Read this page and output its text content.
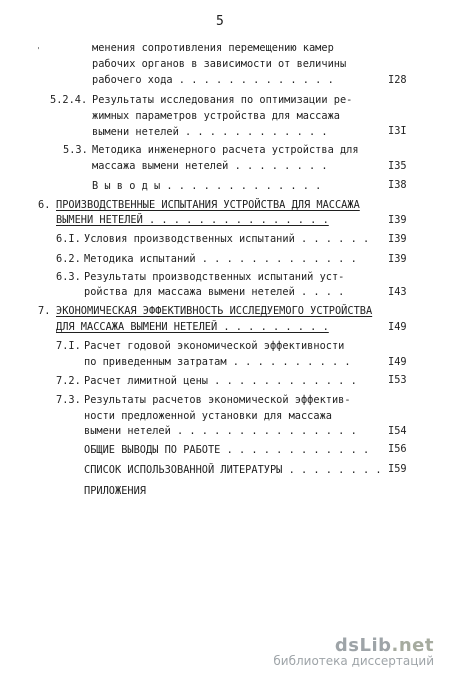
5
'	менения сопротивления перемещению камер
рабочих органов в зависимости от величины
рабочего хода . . . . . . . . . . . . .	I28
5.2.4. Результаты исследования по оптимизации ре-
жимных параметров устройства для массажа
вымени нетелей . . . . . . . . . . . .	I3I
5.3. Методика инженерного расчета устройства для
массажа вымени нетелей . . . . . . . .	I35
В ы в о д ы . . . . . . . . . . . . .	I38
6. ПРОИЗВОДСТВЕННЫЕ ИСПЫТАНИЯ УСТРОЙСТВА ДЛЯ МАССАЖА
ВЫМЕНИ НЕТЕЛЕЙ . . . . . . . . . . . . . . .	I39
6.I. Условия производственных испытаний . . . . . . I39
6.2. Методика испытаний . . . . . . . . . . . . .	I39
6.3. Результаты производственных испытаний уст-
ройства для массажа вымени нетелей . . . .	I43
7. ЭКОНОМИЧЕСКАЯ ЭФФЕКТИВНОСТЬ ИССЛЕДУЕМОГО УСТРОЙСТВА
ДЛЯ МАССАЖА ВЫМЕНИ НЕТЕЛЕЙ . . . . . . . . .	I49
7.I. Расчет годовой экономической эффективности
по приведенным затратам . . . . . . . . . .	I49
7.2. Расчет лимитной цены . . . . . . . . . . . .	I53
7.3. Результаты расчетов экономической эффектив-
ности предложенной установки для массажа
вымени нетелей . . . . . . . . . . . . . . .	I54
ОБЩИЕ ВЫВОДЫ ПО РАБОТЕ . . . . . . . . . . . . I56
СПИСОК ИСПОЛЬЗОВАННОЙ ЛИТЕРАТУРЫ . . . . . . . . I59
ПРИЛОЖЕНИЯ
dsLib.net
библиотека диссертаций
